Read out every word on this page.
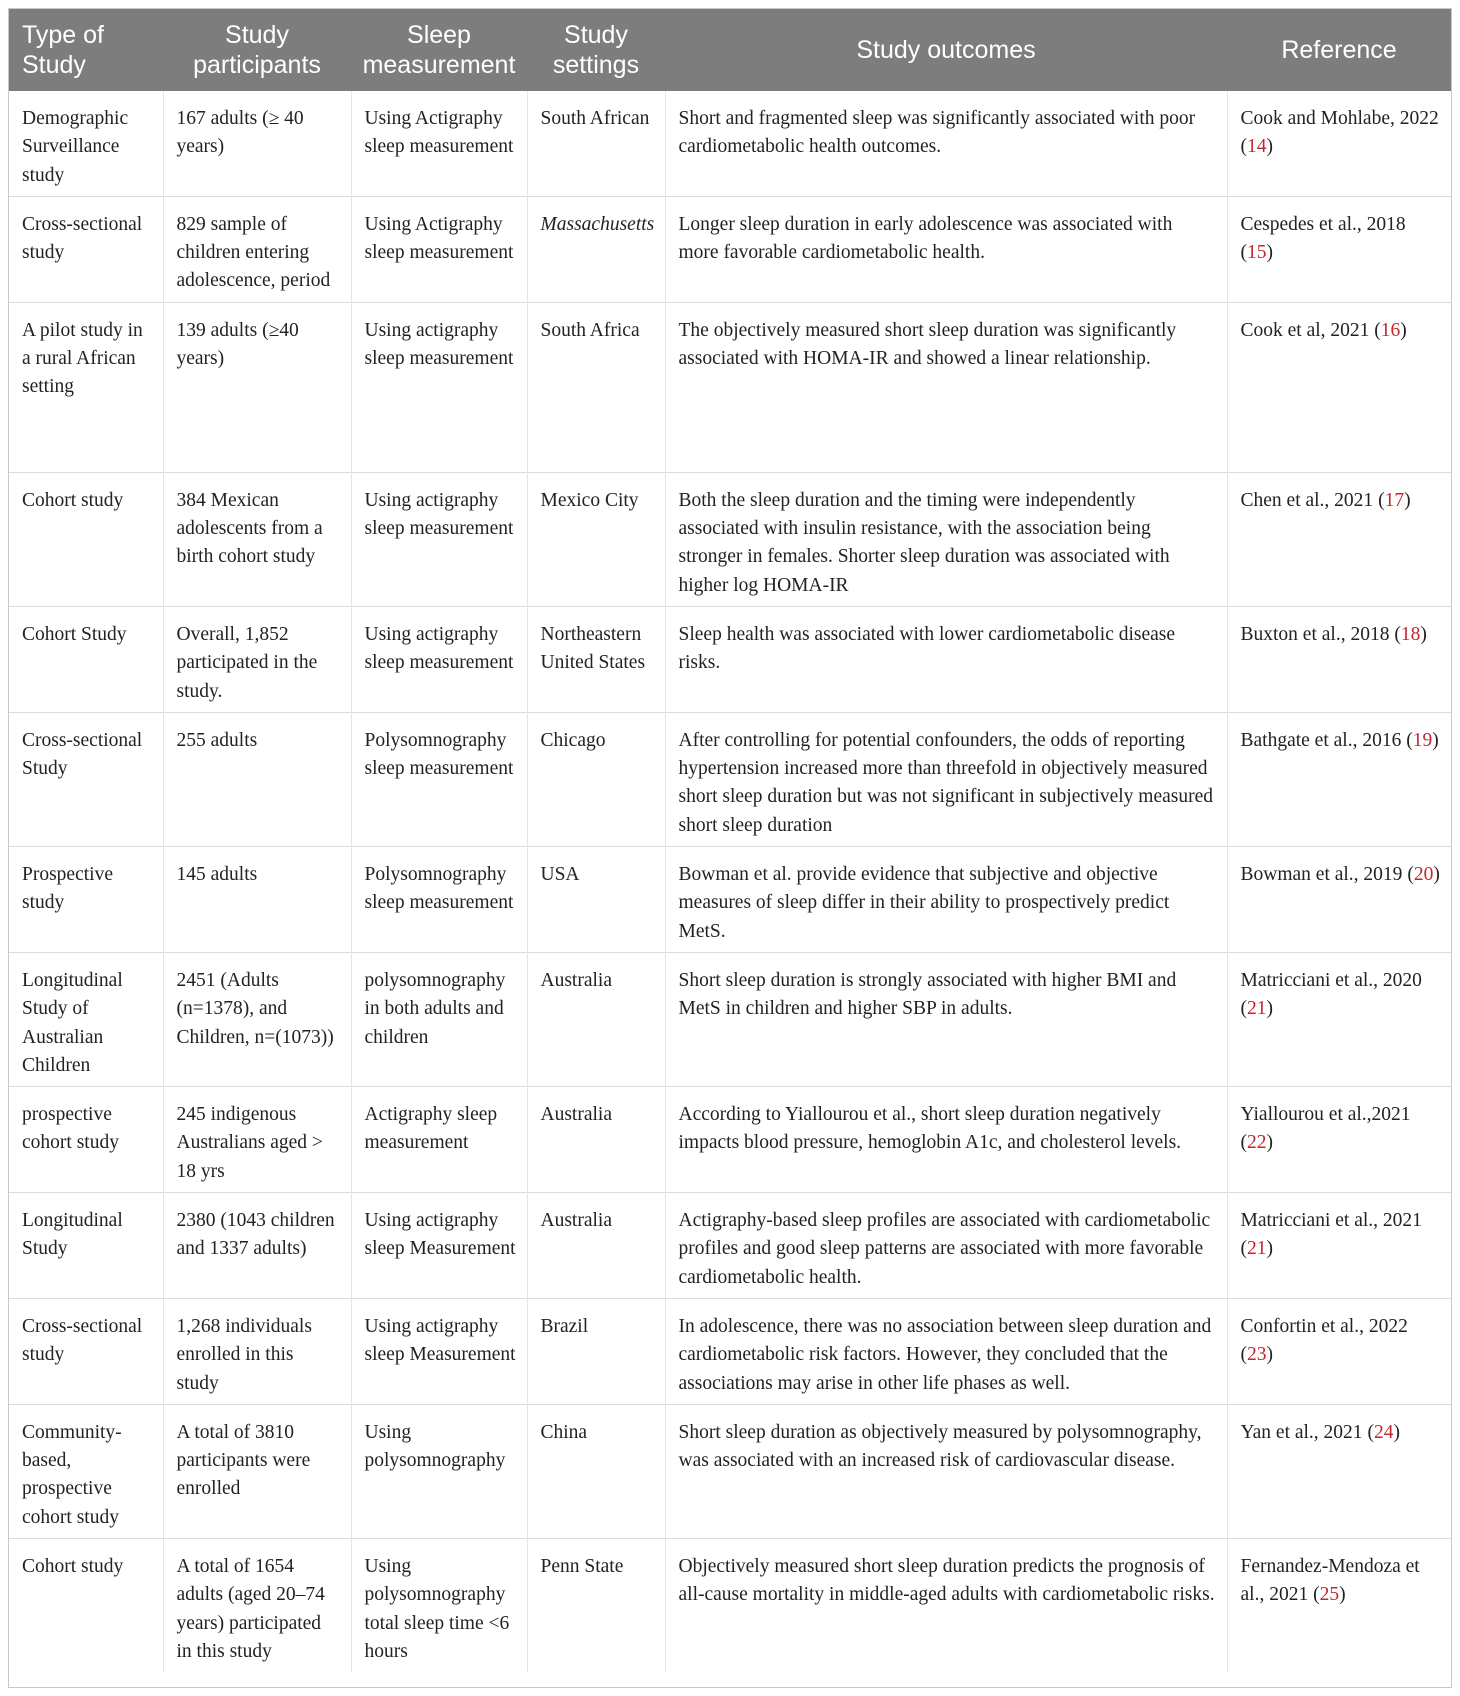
Type of Study	Study participants	Sleep measurement	Study settings	Study outcomes	Reference
Demographic Surveillance study	167 adults (≥ 40 years)	Using Actigraphy sleep measurement	South African	Short and fragmented sleep was significantly associated with poor cardiometabolic health outcomes.	Cook and Mohlabe, 2022 (14)
Cross-sectional study	829 sample of children entering adolescence, period	Using Actigraphy sleep measurement	Massachusetts	Longer sleep duration in early adolescence was associated with more favorable cardiometabolic health.	Cespedes et al., 2018 (15)
A pilot study in a rural African setting	139 adults (≥40 years)	Using actigraphy sleep measurement	South Africa	The objectively measured short sleep duration was significantly associated with HOMA-IR and showed a linear relationship.	Cook et al, 2021 (16)
Cohort study	384 Mexican adolescents from a birth cohort study	Using actigraphy sleep measurement	Mexico City	Both the sleep duration and the timing were independently associated with insulin resistance, with the association being stronger in females. Shorter sleep duration was associated with higher log HOMA-IR	Chen et al., 2021 (17)
Cohort Study	Overall, 1,852 participated in the study.	Using actigraphy sleep measurement	Northeastern United States	Sleep health was associated with lower cardiometabolic disease risks.	Buxton et al., 2018 (18)
Cross-sectional Study	255 adults	Polysomnography sleep measurement	Chicago	After controlling for potential confounders, the odds of reporting hypertension increased more than threefold in objectively measured short sleep duration but was not significant in subjectively measured short sleep duration	Bathgate et al., 2016 (19)
Prospective study	145 adults	Polysomnography sleep measurement	USA	Bowman et al. provide evidence that subjective and objective measures of sleep differ in their ability to prospectively predict MetS.	Bowman et al., 2019 (20)
Longitudinal Study of Australian Children	2451 (Adults (n=1378), and Children, n=(1073))	polysomnography in both adults and children	Australia	Short sleep duration is strongly associated with higher BMI and MetS in children and higher SBP in adults.	Matricciani et al., 2020 (21)
prospective cohort study	245 indigenous Australians aged > 18 yrs	Actigraphy sleep measurement	Australia	According to Yiallourou et al., short sleep duration negatively impacts blood pressure, hemoglobin A1c, and cholesterol levels.	Yiallourou et al.,2021 (22)
Longitudinal Study	2380 (1043 children and 1337 adults)	Using actigraphy sleep Measurement	Australia	Actigraphy-based sleep profiles are associated with cardiometabolic profiles and good sleep patterns are associated with more favorable cardiometabolic health.	Matricciani et al., 2021 (21)
Cross-sectional study	1,268 individuals enrolled in this study	Using actigraphy sleep Measurement	Brazil	In adolescence, there was no association between sleep duration and cardiometabolic risk factors. However, they concluded that the associations may arise in other life phases as well.	Confortin et al., 2022 (23)
Community-based, prospective cohort study	A total of 3810 participants were enrolled	Using polysomnography	China	Short sleep duration as objectively measured by polysomnography, was associated with an increased risk of cardiovascular disease.	Yan et al., 2021 (24)
Cohort study	A total of 1654 adults (aged 20–74 years) participated in this study	Using polysomnography total sleep time <6 hours	Penn State	Objectively measured short sleep duration predicts the prognosis of all-cause mortality in middle-aged adults with cardiometabolic risks.	Fernandez-Mendoza et al., 2021 (25)
